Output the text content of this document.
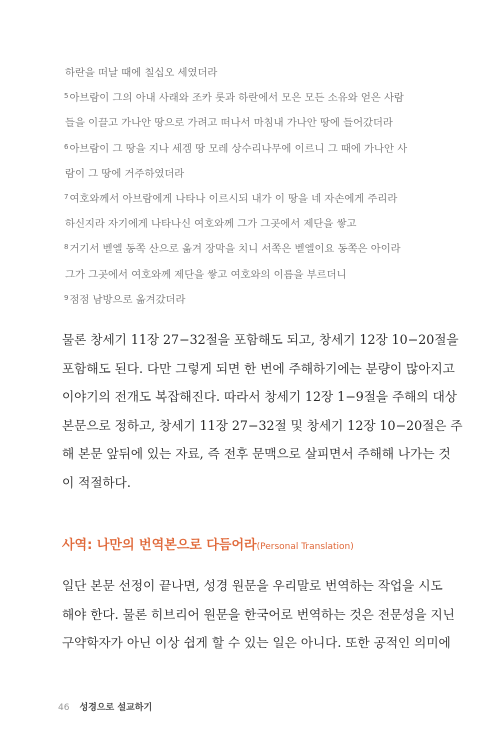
하란을 떠날 때에 칠십오 세였더라
$^5$아브람이 그의 아내 사래와 조카 롯과 하란에서 모은 모든 소유와 얻은 사람
들을 이끌고 가나안 땅으로 가려고 떠나서 마침내 가나안 땅에 들어갔더라
$^6$아브람이 그 땅을 지나 세겜 땅 모레 상수리나무에 이르니 그 때에 가나안 사
람이 그 땅에 거주하였더라
$^7$여호와께서 아브람에게 나타나 이르시되 내가 이 땅을 네 자손에게 주리라
하신지라 자기에게 나타나신 여호와께 그가 그곳에서 제단을 쌓고
$^8$거기서 벧엘 동쪽 산으로 옮겨 장막을 치니 서쪽은 벧엘이요 동쪽은 아이라
그가 그곳에서 여호와께 제단을 쌓고 여호와의 이름을 부르더니
$^9$점점 남방으로 옮겨갔더라
물론 창세기 11장 27−32절을 포함해도 되고, 창세기 12장 10−20절을
포함해도 된다. 다만 그렇게 되면 한 번에 주해하기에는 분량이 많아지고
이야기의 전개도 복잡해진다. 따라서 창세기 12장 1−9절을 주해의 대상
본문으로 정하고, 창세기 11장 27−32절 및 창세기 12장 10−20절은 주
해 본문 앞뒤에 있는 자료, 즉 전후 문맥으로 살피면서 주해해 나가는 것
이 적절하다.
사역: 나만의 번역본으로 다듬어라(Personal Translation)
일단 본문 선정이 끝나면, 성경 원문을 우리말로 번역하는 작업을 시도
해야 한다. 물론 히브리어 원문을 한국어로 번역하는 것은 전문성을 지닌
구약학자가 아닌 이상 쉽게 할 수 있는 일은 아니다. 또한 공적인 의미에
46 성경으로 설교하기
